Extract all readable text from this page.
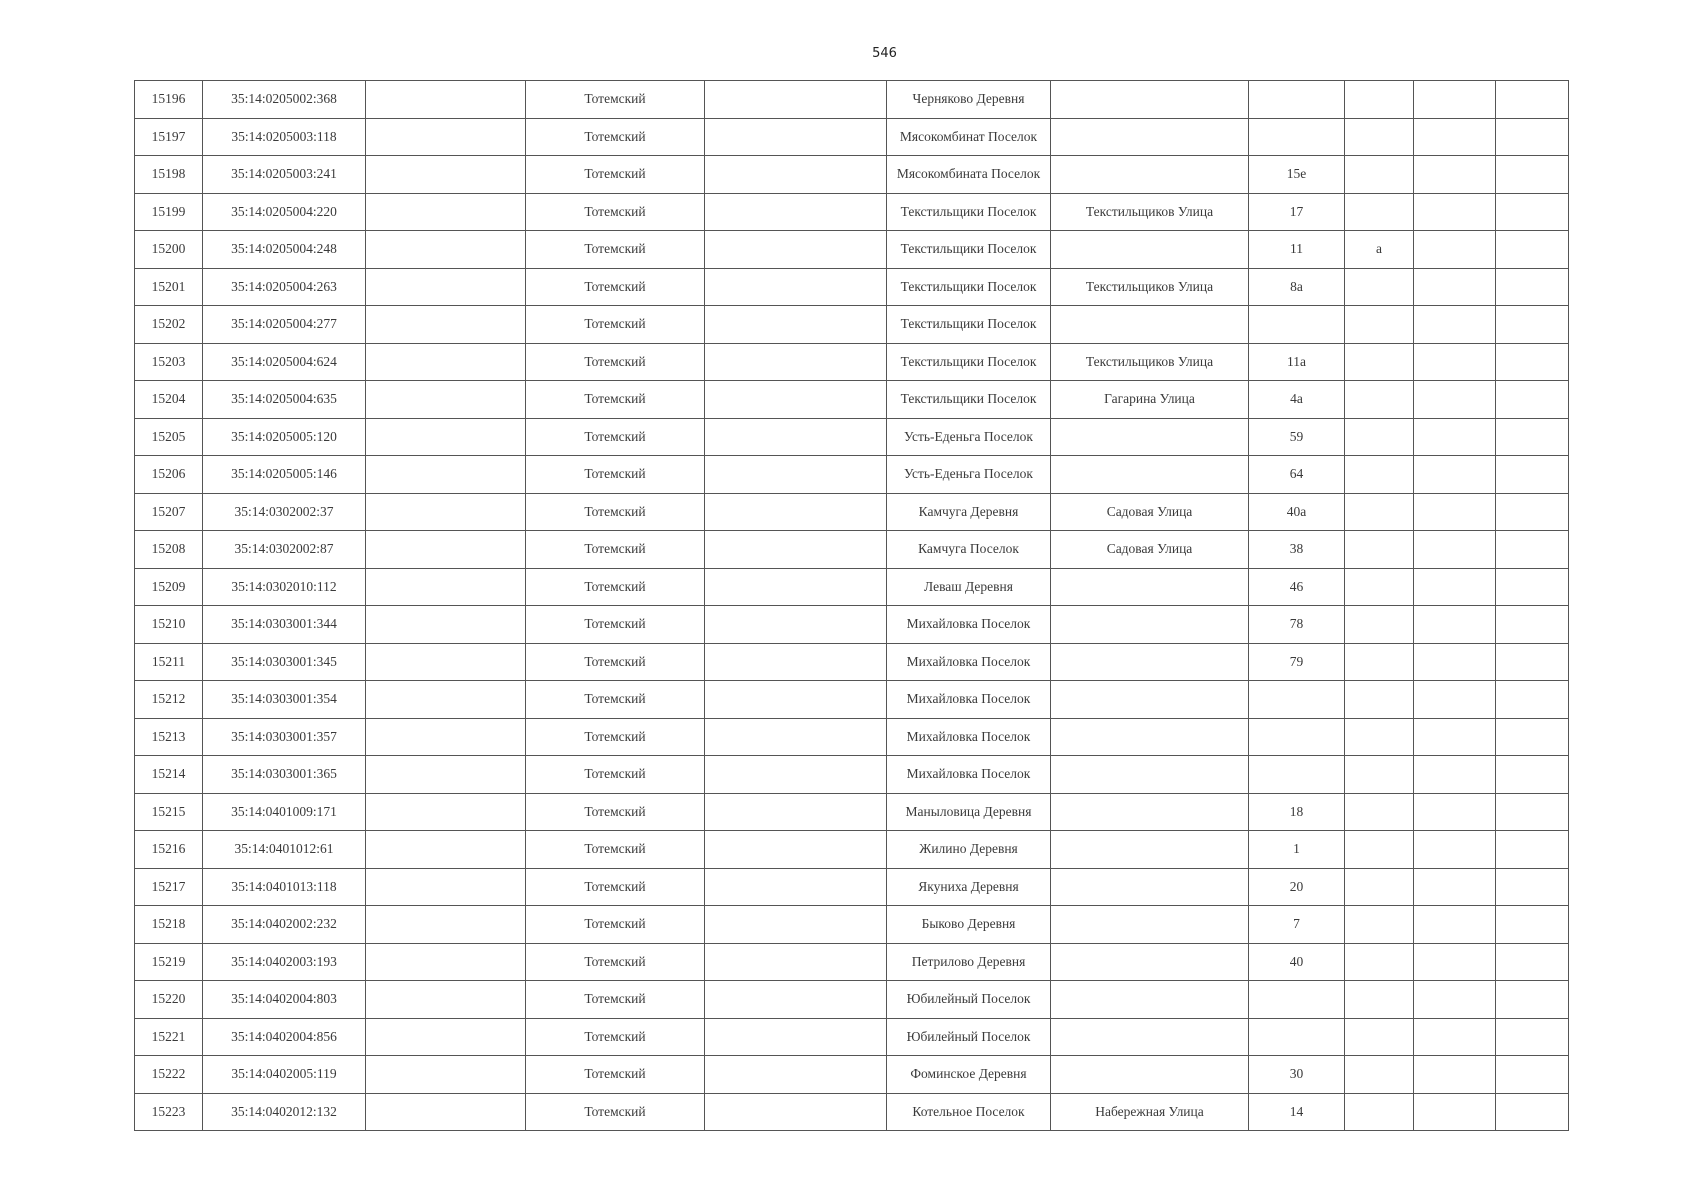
546
15196	35:14:0205002:368		Тотемский		Черняково Деревня					
15197	35:14:0205003:118		Тотемский		Мясокомбинат Поселок					
15198	35:14:0205003:241		Тотемский		Мясокомбината Поселок		15е			
15199	35:14:0205004:220		Тотемский		Текстильщики Поселок	Текстильщиков Улица	17			
15200	35:14:0205004:248		Тотемский		Текстильщики Поселок		11	а		
15201	35:14:0205004:263		Тотемский		Текстильщики Поселок	Текстильщиков Улица	8а			
15202	35:14:0205004:277		Тотемский		Текстильщики Поселок					
15203	35:14:0205004:624		Тотемский		Текстильщики Поселок	Текстильщиков Улица	11а			
15204	35:14:0205004:635		Тотемский		Текстильщики Поселок	Гагарина Улица	4а			
15205	35:14:0205005:120		Тотемский		Усть-Еденьга Поселок		59			
15206	35:14:0205005:146		Тотемский		Усть-Еденьга Поселок		64			
15207	35:14:0302002:37		Тотемский		Камчуга Деревня	Садовая Улица	40а			
15208	35:14:0302002:87		Тотемский		Камчуга Поселок	Садовая Улица	38			
15209	35:14:0302010:112		Тотемский		Леваш Деревня		46			
15210	35:14:0303001:344		Тотемский		Михайловка Поселок		78			
15211	35:14:0303001:345		Тотемский		Михайловка Поселок		79			
15212	35:14:0303001:354		Тотемский		Михайловка Поселок					
15213	35:14:0303001:357		Тотемский		Михайловка Поселок					
15214	35:14:0303001:365		Тотемский		Михайловка Поселок					
15215	35:14:0401009:171		Тотемский		Маныловица Деревня		18			
15216	35:14:0401012:61		Тотемский		Жилино Деревня		1			
15217	35:14:0401013:118		Тотемский		Якуниха Деревня		20			
15218	35:14:0402002:232		Тотемский		Быково Деревня		7			
15219	35:14:0402003:193		Тотемский		Петрилово Деревня		40			
15220	35:14:0402004:803		Тотемский		Юбилейный Поселок					
15221	35:14:0402004:856		Тотемский		Юбилейный Поселок					
15222	35:14:0402005:119		Тотемский		Фоминское Деревня		30			
15223	35:14:0402012:132		Тотемский		Котельное Поселок	Набережная Улица	14			
